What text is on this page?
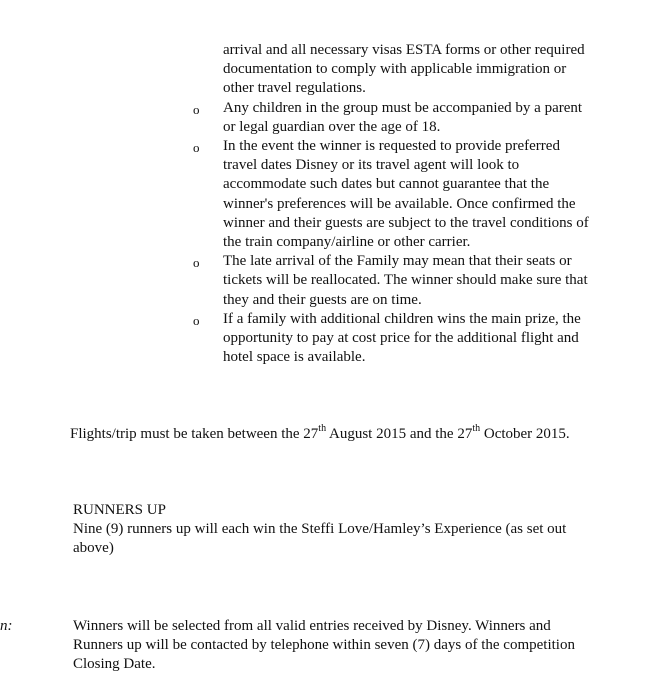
arrival and all necessary visas ESTA forms or other required documentation to comply with applicable immigration or other travel regulations.
o Any children in the group must be accompanied by a parent or legal guardian over the age of 18.
o In the event the winner is requested to provide preferred travel dates Disney or its travel agent will look to accommodate such dates but cannot guarantee that the winner's preferences will be available. Once confirmed the winner and their guests are subject to the travel conditions of the train company/airline or other carrier.
o The late arrival of the Family may mean that their seats or tickets will be reallocated. The winner should make sure that they and their guests are on time.
o If a family with additional children wins the main prize, the opportunity to pay at cost price for the additional flight and hotel space is available.
Flights/trip must be taken between the 27th August 2015 and the 27th October 2015.
RUNNERS UP
Nine (9) runners up will each win the Steffi Love/Hamley’s Experience (as set out above)
n:	Winners will be selected from all valid entries received by Disney. Winners and Runners up will be contacted by telephone within seven (7) days of the competition Closing Date.
